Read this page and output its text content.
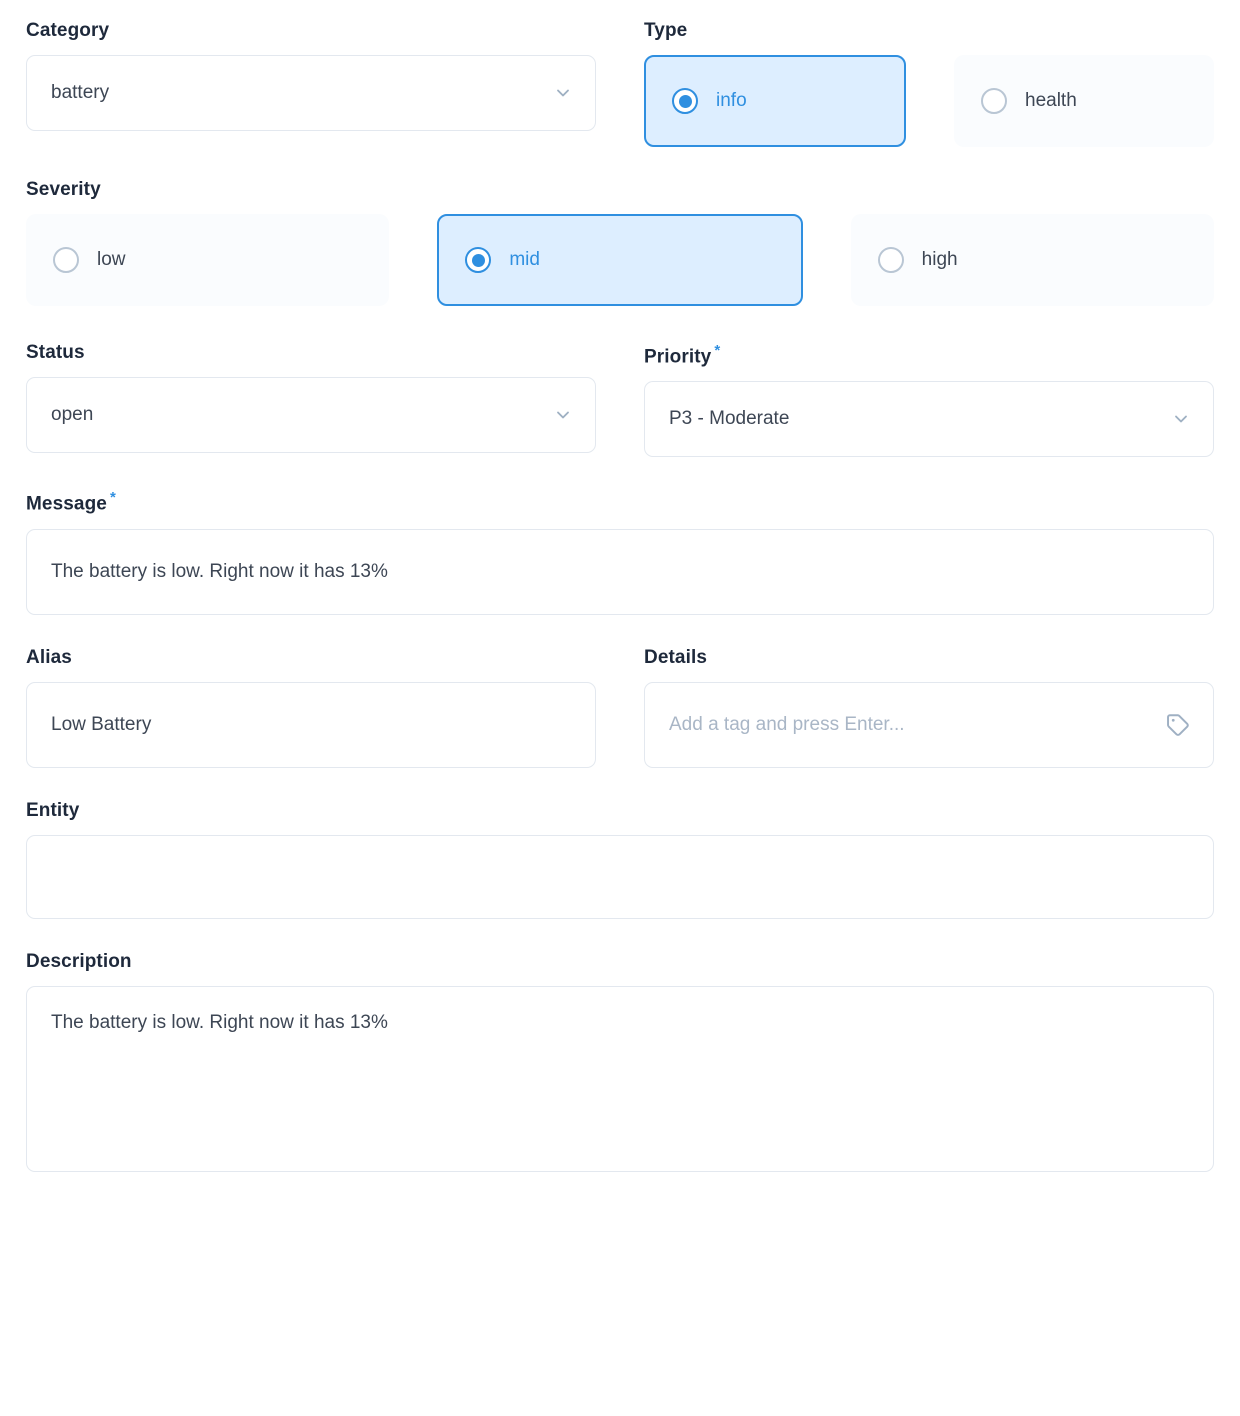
Category
battery
Type
info	health
Severity
low	mid	high
Status
open
Priority *
P3 - Moderate
Message *
The battery is low. Right now it has 13%
Alias
Low Battery
Details
Add a tag and press Enter...
Entity
Description
The battery is low. Right now it has 13%
